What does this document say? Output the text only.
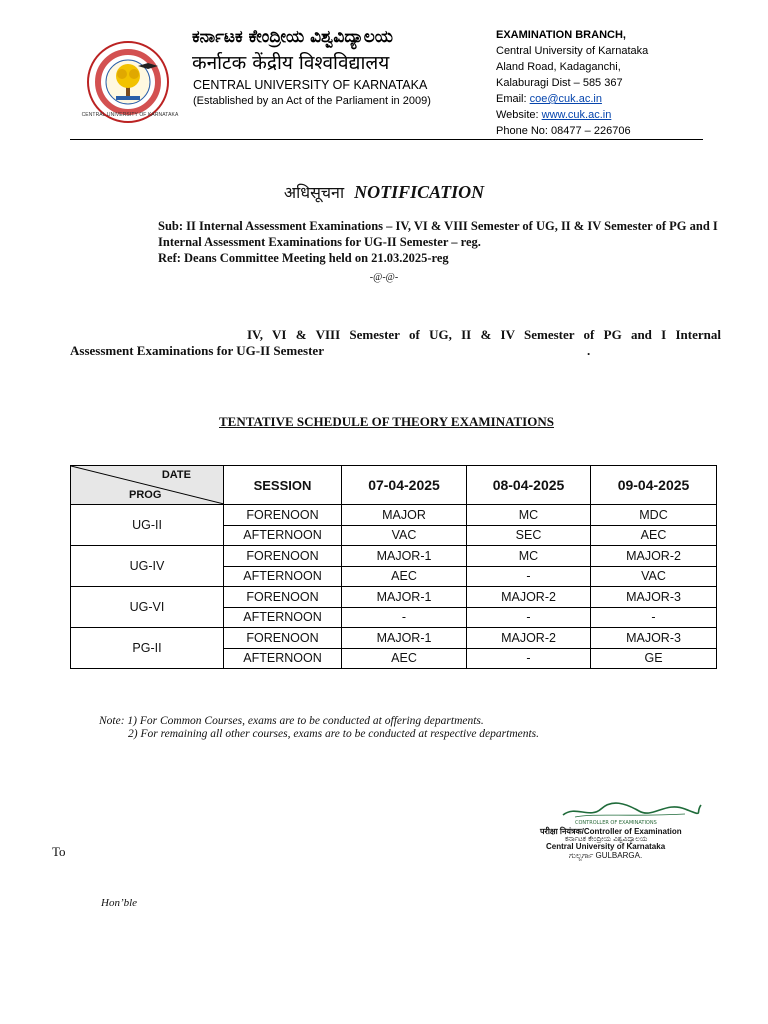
CENTRAL UNIVERSITY OF KARNATAKA
ಕರ್ನಾಟಕ ಕೇಂದ್ರೀಯ ವಿಶ್ವವಿದ್ಯಾಲಯ
कर्नाटक केंद्रीय विश्वविद्यालय
CENTRAL UNIVERSITY OF KARNATAKA
(Established by an Act of the Parliament in 2009)
EXAMINATION BRANCH,
Central University of Karnataka
Aland Road, Kadaganchi,
Kalaburagi Dist – 585 367
Email: coe@cuk.ac.in
Website: www.cuk.ac.in
Phone No: 08477 – 226706
अधिसूचना NOTIFICATION
Sub: II Internal Assessment Examinations – IV, VI & VIII Semester of UG, II & IV Semester of PG and I Internal Assessment Examinations for UG-II Semester – reg.
Ref: Deans Committee Meeting held on 21.03.2025-reg
-@-@-
IV, VI & VIII Semester of UG, II & IV Semester of PG and I Internal
Assessment Examinations for UG-II Semester	.
TENTATIVE SCHEDULE OF THEORY EXAMINATIONS
DATE
PROG	SESSION	07-04-2025	08-04-2025	09-04-2025
UG-II	FORENOON	MAJOR	MC	MDC
	AFTERNOON	VAC	SEC	AEC
UG-IV	FORENOON	MAJOR-1	MC	MAJOR-2
	AFTERNOON	AEC	-	VAC
UG-VI	FORENOON	MAJOR-1	MAJOR-2	MAJOR-3
	AFTERNOON	-	-	-
PG-II	FORENOON	MAJOR-1	MAJOR-2	MAJOR-3
	AFTERNOON	AEC	-	GE
Note: 1) For Common Courses, exams are to be conducted at offering departments.
2) For remaining all other courses, exams are to be conducted at respective departments.
CONTROLLER OF EXAMINATIONS
परीक्षा नियंत्रक/Controller of Examination
ಕರ್ನಾಟಕ ಕೇಂದ್ರೀಯ ವಿಶ್ವವಿದ್ಯಾಲಯ
Central University of Karnataka
ಗುಲ್ಬರ್ಗಾ GULBARGA.
To
Hon’ble
